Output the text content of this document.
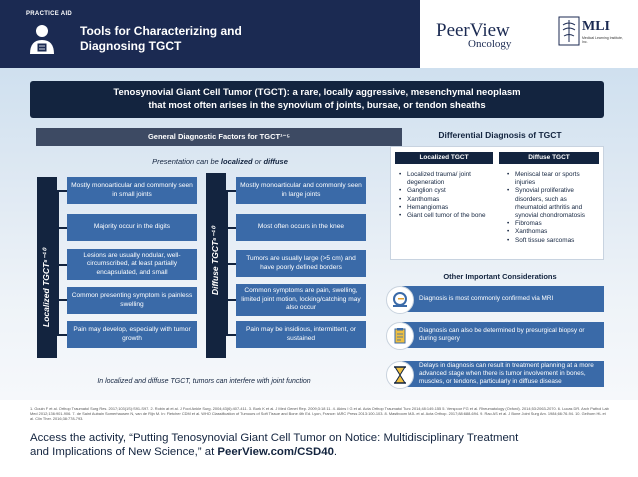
PRACTICE AID
Tools for Characterizing and
Diagnosing TGCT
PeerView
Oncology
MLI
Medical Learning Institute, Inc.
Tenosynovial Giant Cell Tumor (TGCT): a rare, locally aggressive, mesenchymal neoplasm
that most often arises in the synovium of joints, bursae, or tendon sheaths
General Diagnostic Factors for TGCT¹⁻⁵	Differential Diagnosis of TGCT
Presentation can be localized or diffuse
Localized TGCT⁶⁻¹⁰	Diffuse TGCT⁶⁻¹⁰
Mostly monoarticular and commonly seen in small joints
Majority occur in the digits
Lesions are usually nodular, well-circumscribed, at least partially encapsulated, and small
Common presenting symptom is painless swelling
Pain may develop, especially with tumor growth
Mostly monoarticular and commonly seen in large joints
Most often occurs in the knee
Tumors are usually large (>5 cm) and have poorly defined borders
Common symptoms are pain, swelling, limited joint motion, locking/catching may also occur
Pain may be insidious, intermittent, or sustained
In localized and diffuse TGCT, tumors can interfere with joint function
Localized TGCT	Diffuse TGCT
• Localized trauma/ joint degeneration
• Ganglion cyst
• Xanthomas
• Hemangiomas
• Giant cell tumor of the bone
• Meniscal tear or sports injuries
• Synovial proliferative disorders, such as rheumatoid arthritis and synovial chondromatosis
• Fibromas
• Xanthomas
• Soft tissue sarcomas
Other Important Considerations
Diagnosis is most commonly confirmed via MRI
Diagnosis can also be determined by presurgical biopsy or during surgery
Delays in diagnosis can result in treatment planning at a more advanced stage when there is tumor involvement in bones, muscles, or tendons, particularly in diffuse disease
1. Gouin F et al. Orthop Traumatol Surg Res. 2017;103(1S):S91-S97. 2. Robin at et al. J Foot Ankle Surg. 2004;43(6):407-411. 3. Burk K et al. J Med Genet Rep. 2009;3:18 11. 4. Akins I G et al. Acta Orthop Traumatol Turc 2014;48:149-155 5. Verspoor FG et al. Rheumatology (Oxford). 2014;53:2063-2070. 6. Lucas DR. Arch Pathol Lab Med 2012;136:901-906. 7. de Saint Aubain Somerhausen N, van de Rijn M. In: Fletcher CDM et al. WHO Classification of Tumours of Soft Tissue and Bone 4th Ed. Lyon, France: IARC Press 2013:100-103. 8. Mastboom MJL et al. Acta Orthop. 2017;88:688-694. 9. Rao AS et al. J Bone Joint Surg Am. 1984;66:76-94. 10. Gelhorn HL et al. Clin Ther. 2016;38:778-793.
Access the activity, “Putting Tenosynovial Giant Cell Tumor on Notice: Multidisciplinary Treatment
and Implications of New Science,” at PeerView.com/CSD40.
